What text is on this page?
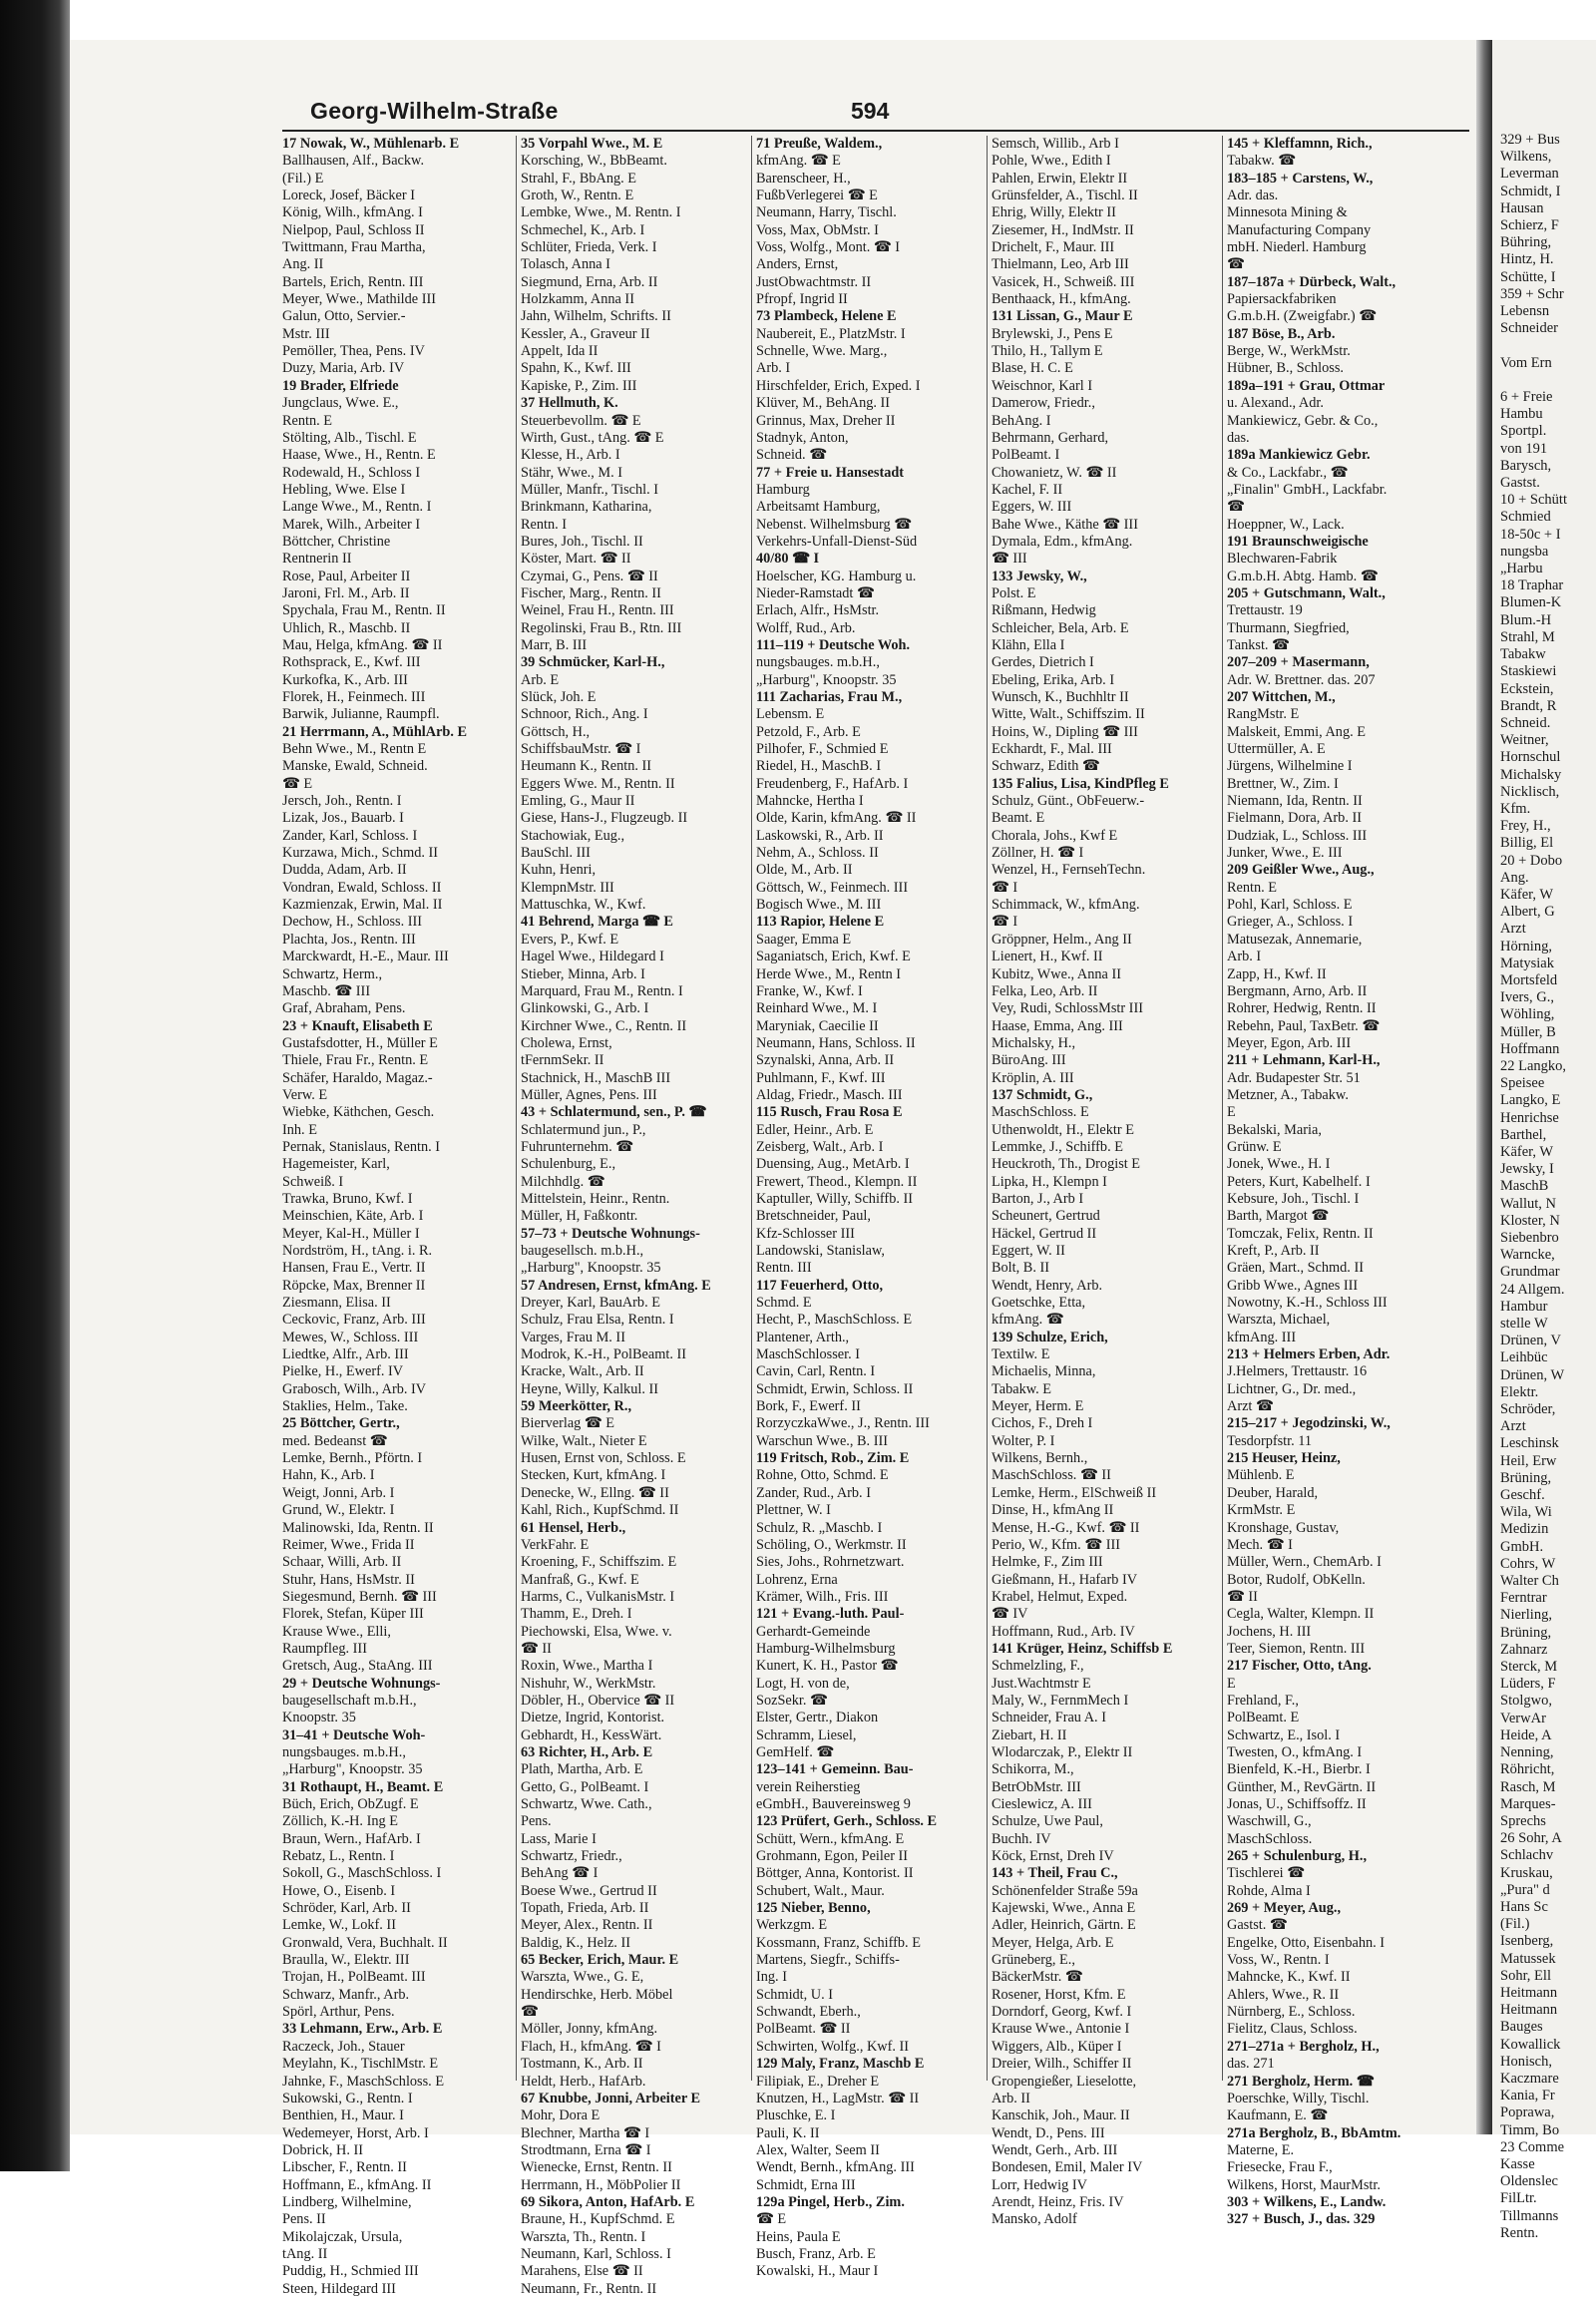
329 + Bus
Wilkens,
Leverman
Schmidt, I
Hausan
Schierz, F
Bühring,
Hintz, H.
Schütte, I
359 + Schr
Lebensn
Schneider

Vom Ern

6 + Freie
Hambu
Sportpl.
von 191
Barysch,
Gastst.
10 + Schütt
Schmied
18-50c + I
nungsba
„Harbu
18 Traphar
Blumen-K
Blum.-H
Strahl, M
Tabakw
Staskiewi
Eckstein,
Brandt, R
Schneid.
Weitner,
Hornschul
Michalsky
Nicklisch,
Kfm.
Frey, H.,
Billig, El
20 + Dobo
Ang.
Käfer, W
Albert, G
Arzt
Hörning,
Matysiak
Mortsfeld
Ivers, G.,
Wöhling,
Müller, B
Hoffmann
22 Langko,
Speisee
Langko, E
Henrichse
Barthel,
Käfer, W
Jewsky, I
MaschB
Wallut, N
Kloster, N
Siebenbro
Warncke,
Grundmar
24 Allgem.
Hambur
stelle W
Drünen, V
Leihbüc
Drünen, W
Elektr.
Schröder,
Arzt
Leschinsk
Heil, Erw
Brüning,
Geschf.
Wila, Wi
Medizin
GmbH.
Cohrs, W
Walter Ch
Ferntrar
Nierling,
Brüning,
Zahnarz
Sterck, M
Lüders, F
Stolgwo,
VerwAr
Heide, A
Nenning,
Röhricht,
Rasch, M
Marques-
Sprechs
26 Sohr, A
Schlachv
Kruskau,
„Pura" d
Hans Sc
(Fil.)
Isenberg,
Matussek
Sohr, Ell
Heitmann
Heitmann
Bauges
Kowallick
Honisch,
Kaczmare
Kania, Fr
Poprawa,
Timm, Bo
23 Comme
Kasse
Oldenslec
FilLtr.
Tillmanns
Rentn.
Georg-Wilhelm-Straße	594
17 Nowak, W., Mühlenarb. E
Ballhausen, Alf., Backw.
(Fil.) E
Loreck, Josef, Bäcker I
König, Wilh., kfmAng. I
Nielpop, Paul, Schloss II
Twittmann, Frau Martha,
Ang. II
Bartels, Erich, Rentn. III
Meyer, Wwe., Mathilde III
Galun, Otto, Servier.-
Mstr. III
Pemöller, Thea, Pens. IV
Duzy, Maria, Arb. IV
19 Brader, Elfriede
Jungclaus, Wwe. E.,
Rentn. E
Stölting, Alb., Tischl. E
Haase, Wwe., H., Rentn. E
Rodewald, H., Schloss I
Hebling, Wwe. Else I
Lange Wwe., M., Rentn. I
Marek, Wilh., Arbeiter I
Böttcher, Christine
Rentnerin II
Rose, Paul, Arbeiter II
Jaroni, Frl. M., Arb. II
Spychala, Frau M., Rentn. II
Uhlich, R., Maschb. II
Mau, Helga, kfmAng. ☎ II
Rothsprack, E., Kwf. III
Kurkofka, K., Arb. III
Florek, H., Feinmech. III
Barwik, Julianne, Raumpfl.
21 Herrmann, A., MühlArb. E
Behn Wwe., M., Rentn E
Manske, Ewald, Schneid.
☎ E
Jersch, Joh., Rentn. I
Lizak, Jos., Bauarb. I
Zander, Karl, Schloss. I
Kurzawa, Mich., Schmd. II
Dudda, Adam, Arb. II
Vondran, Ewald, Schloss. II
Kazmienzak, Erwin, Mal. II
Dechow, H., Schloss. III
Plachta, Jos., Rentn. III
Marckwardt, H.-E., Maur. III
Schwartz, Herm.,
Maschb. ☎ III
Graf, Abraham, Pens.
23 + Knauft, Elisabeth E
Gustafsdotter, H., Müller E
Thiele, Frau Fr., Rentn. E
Schäfer, Haraldo, Magaz.-
Verw. E
Wiebke, Käthchen, Gesch.
Inh. E
Pernak, Stanislaus, Rentn. I
Hagemeister, Karl,
Schweiß. I
Trawka, Bruno, Kwf. I
Meinschien, Käte, Arb. I
Meyer, Kal-H., Müller I
Nordström, H., tAng. i. R.
Hansen, Frau E., Vertr. II
Röpcke, Max, Brenner II
Ziesmann, Elisa. II
Ceckovic, Franz, Arb. III
Mewes, W., Schloss. III
Liedtke, Alfr., Arb. III
Pielke, H., Ewerf. IV
Grabosch, Wilh., Arb. IV
Staklies, Helm., Take.
25 Böttcher, Gertr.,
med. Bedeanst ☎
Lemke, Bernh., Pförtn. I
Hahn, K., Arb. I
Weigt, Jonni, Arb. I
Grund, W., Elektr. I
Malinowski, Ida, Rentn. II
Reimer, Wwe., Frida II
Schaar, Willi, Arb. II
Stuhr, Hans, HsMstr. II
Siegesmund, Bernh. ☎ III
Florek, Stefan, Küper III
Krause Wwe., Elli,
Raumpfleg. III
Gretsch, Aug., StaAng. III
29 + Deutsche Wohnungs-
baugesellschaft m.b.H.,
Knoopstr. 35
31–41 + Deutsche Woh-
nungsbauges. m.b.H.,
„Harburg", Knoopstr. 35
31 Rothaupt, H., Beamt. E
Büch, Erich, ObZugf. E
Zöllich, K.-H. Ing E
Braun, Wern., HafArb. I
Rebatz, L., Rentn. I
Sokoll, G., MaschSchloss. I
Howe, O., Eisenb. I
Schröder, Karl, Arb. II
Lemke, W., Lokf. II
Gronwald, Vera, Buchhalt. II
Braulla, W., Elektr. III
Trojan, H., PolBeamt. III
Schwarz, Manfr., Arb.
Spörl, Arthur, Pens.
33 Lehmann, Erw., Arb. E
Raczeck, Joh., Stauer
Meylahn, K., TischlMstr. E
Jahnke, F., MaschSchloss. E
Sukowski, G., Rentn. I
Benthien, H., Maur. I
Wedemeyer, Horst, Arb. I
Dobrick, H. II
Libscher, F., Rentn. II
Hoffmann, E., kfmAng. II
Lindberg, Wilhelmine,
Pens. II
Mikolajczak, Ursula,
tAng. II
Puddig, H., Schmied III
Steen, Hildegard III
35 Vorpahl Wwe., M. E
Korsching, W., BbBeamt.
Strahl, F., BbAng. E
Groth, W., Rentn. E
Lembke, Wwe., M. Rentn. I
Schmechel, K., Arb. I
Schlüter, Frieda, Verk. I
Tolasch, Anna I
Siegmund, Erna, Arb. II
Holzkamm, Anna II
Jahn, Wilhelm, Schrifts. II
Kessler, A., Graveur II
Appelt, Ida II
Spahn, K., Kwf. III
Kapiske, P., Zim. III
37 Hellmuth, K.
Steuerbevollm. ☎ E
Wirth, Gust., tAng. ☎ E
Klesse, H., Arb. I
Stähr, Wwe., M. I
Müller, Manfr., Tischl. I
Brinkmann, Katharina,
Rentn. I
Bures, Joh., Tischl. II
Köster, Mart. ☎ II
Czymai, G., Pens. ☎ II
Fischer, Marg., Rentn. II
Weinel, Frau H., Rentn. III
Regolinski, Frau B., Rtn. III
Marr, B. III
39 Schmücker, Karl-H.,
Arb. E
Slück, Joh. E
Schnoor, Rich., Ang. I
Göttsch, H.,
SchiffsbauMstr. ☎ I
Heumann K., Rentn. II
Eggers Wwe. M., Rentn. II
Emling, G., Maur II
Giese, Hans-J., Flugzeugb. II
Stachowiak, Eug.,
BauSchl. III
Kuhn, Henri,
KlempnMstr. III
Mattuschka, W., Kwf.
41 Behrend, Marga ☎ E
Evers, P., Kwf. E
Hagel Wwe., Hildegard I
Stieber, Minna, Arb. I
Marquard, Frau M., Rentn. I
Glinkowski, G., Arb. I
Kirchner Wwe., C., Rentn. II
Cholewa, Ernst,
tFernmSekr. II
Stachnick, H., MaschB III
Müller, Agnes, Pens. III
43 + Schlatermund, sen., P. ☎
Schlatermund jun., P.,
Fuhrunternehm. ☎
Schulenburg, E.,
Milchhdlg. ☎
Mittelstein, Heinr., Rentn.
Müller, H, Faßkontr.
57–73 + Deutsche Wohnungs-
baugesellsch. m.b.H.,
„Harburg", Knoopstr. 35
57 Andresen, Ernst, kfmAng. E
Dreyer, Karl, BauArb. E
Schulz, Frau Elsa, Rentn. I
Varges, Frau M. II
Modrok, K.-H., PolBeamt. II
Kracke, Walt., Arb. II
Heyne, Willy, Kalkul. II
59 Meerkötter, R.,
Bierverlag ☎ E
Wilke, Walt., Nieter E
Husen, Ernst von, Schloss. E
Stecken, Kurt, kfmAng. I
Denecke, W., Ellng. ☎ II
Kahl, Rich., KupfSchmd. II
61 Hensel, Herb.,
VerkFahr. E
Kroening, F., Schiffszim. E
Manfraß, G., Kwf. E
Harms, C., VulkanisMstr. I
Thamm, E., Dreh. I
Piechowski, Elsa, Wwe. v.
☎ II
Roxin, Wwe., Martha I
Nishuhr, W., WerkMstr.
Döbler, H., Obervice ☎ II
Dietze, Ingrid, Kontorist.
Gebhardt, H., KessWärt.
63 Richter, H., Arb. E
Plath, Martha, Arb. E
Getto, G., PolBeamt. I
Schwartz, Wwe. Cath.,
Pens.
Lass, Marie I
Schwartz, Friedr.,
BehAng ☎ I
Boese Wwe., Gertrud II
Topath, Frieda, Arb. II
Meyer, Alex., Rentn. II
Baldig, K., Helz. II
65 Becker, Erich, Maur. E
Warszta, Wwe., G. E,
Hendirschke, Herb. Möbel
☎
Möller, Jonny, kfmAng.
Flach, H., kfmAng. ☎ I
Tostmann, K., Arb. II
Heldt, Herb., HafArb.
67 Knubbe, Jonni, Arbeiter E
Mohr, Dora E
Blechner, Martha ☎ I
Strodtmann, Erna ☎ I
Wienecke, Ernst, Rentn. II
Herrmann, H., MöbPolier II
69 Sikora, Anton, HafArb. E
Braune, H., KupfSchmd. E
Warszta, Th., Rentn. I
Neumann, Karl, Schloss. I
Marahens, Else ☎ II
Neumann, Fr., Rentn. II
71 Preuße, Waldem.,
kfmAng. ☎ E
Barenscheer, H.,
FußbVerlegerei ☎ E
Neumann, Harry, Tischl.
Voss, Max, ObMstr. I
Voss, Wolfg., Mont. ☎ I
Anders, Ernst,
JustObwachtmstr. II
Pfropf, Ingrid II
73 Plambeck, Helene E
Naubereit, E., PlatzMstr. I
Schnelle, Wwe. Marg.,
Arb. I
Hirschfelder, Erich, Exped. I
Klüver, M., BehAng. II
Grinnus, Max, Dreher II
Stadnyk, Anton,
Schneid. ☎
77 + Freie u. Hansestadt
Hamburg
Arbeitsamt Hamburg,
Nebenst. Wilhelmsburg ☎
Verkehrs-Unfall-Dienst-Süd
40/80 ☎ I
Hoelscher, KG. Hamburg u.
Nieder-Ramstadt ☎
Erlach, Alfr., HsMstr.
Wolff, Rud., Arb.
111–119 + Deutsche Woh.
nungsbauges. m.b.H.,
„Harburg", Knoopstr. 35
111 Zacharias, Frau M.,
Lebensm. E
Petzold, F., Arb. E
Pilhofer, F., Schmied E
Riedel, H., MaschB. I
Freudenberg, F., HafArb. I
Mahncke, Hertha I
Olde, Karin, kfmAng. ☎ II
Laskowski, R., Arb. II
Nehm, A., Schloss. II
Olde, M., Arb. II
Göttsch, W., Feinmech. III
Bogisch Wwe., M. III
113 Rapior, Helene E
Saager, Emma E
Saganiatsch, Erich, Kwf. E
Herde Wwe., M., Rentn I
Franke, W., Kwf. I
Reinhard Wwe., M. I
Maryniak, Caecilie II
Neumann, Hans, Schloss. II
Szynalski, Anna, Arb. II
Puhlmann, F., Kwf. III
Aldag, Friedr., Masch. III
115 Rusch, Frau Rosa E
Edler, Heinr., Arb. E
Zeisberg, Walt., Arb. I
Duensing, Aug., MetArb. I
Frewert, Theod., Klempn. II
Kaptuller, Willy, Schiffb. II
Bretschneider, Paul,
Kfz-Schlosser III
Landowski, Stanislaw,
Rentn. III
117 Feuerherd, Otto,
Schmd. E
Hecht, P., MaschSchloss. E
Plantener, Arth.,
MaschSchlosser. I
Cavin, Carl, Rentn. I
Schmidt, Erwin, Schloss. II
Bork, F., Ewerf. II
RorzyczkaWwe., J., Rentn. III
Warschun Wwe., B. III
119 Fritsch, Rob., Zim. E
Rohne, Otto, Schmd. E
Zander, Rud., Arb. I
Plettner, W. I
Schulz, R. „Maschb. I
Schöling, O., Werkmstr. II
Sies, Johs., Rohrnetzwart.
Lohrenz, Erna
Krämer, Wilh., Fris. III
121 + Evang.-luth. Paul-
Gerhardt-Gemeinde
Hamburg-Wilhelmsburg
Kunert, K. H., Pastor ☎
Logt, H. von de,
SozSekr. ☎
Elster, Gertr., Diakon
Schramm, Liesel,
GemHelf. ☎
123–141 + Gemeinn. Bau-
verein Reiherstieg
eGmbH., Bauvereinsweg 9
123 Prüfert, Gerh., Schloss. E
Schütt, Wern., kfmAng. E
Grohmann, Egon, Peiler II
Böttger, Anna, Kontorist. II
Schubert, Walt., Maur.
125 Nieber, Benno,
Werkzgm. E
Kossmann, Franz, Schiffb. E
Martens, Siegfr., Schiffs-
Ing. I
Schmidt, U. I
Schwandt, Eberh.,
PolBeamt. ☎ II
Schwirten, Wolfg., Kwf. II
129 Maly, Franz, Maschb E
Filipiak, E., Dreher E
Knutzen, H., LagMstr. ☎ II
Pluschke, E. I
Pauli, K. II
Alex, Walter, Seem II
Wendt, Bernh., kfmAng. III
Schmidt, Erna III
129a Pingel, Herb., Zim.
☎ E
Heins, Paula E
Busch, Franz, Arb. E
Kowalski, H., Maur I
Semsch, Willib., Arb I
Pohle, Wwe., Edith I
Pahlen, Erwin, Elektr II
Grünsfelder, A., Tischl. II
Ehrig, Willy, Elektr II
Ziesemer, H., IndMstr. II
Drichelt, F., Maur. III
Thielmann, Leo, Arb III
Vasicek, H., Schweiß. III
Benthaack, H., kfmAng.
131 Lissan, G., Maur E
Brylewski, J., Pens E
Thilo, H., Tallym E
Blase, H. C. E
Weischnor, Karl I
Damerow, Friedr.,
BehAng. I
Behrmann, Gerhard,
PolBeamt. I
Chowanietz, W. ☎ II
Kachel, F. II
Eggers, W. III
Bahe Wwe., Käthe ☎ III
Dymala, Edm., kfmAng.
☎ III
133 Jewsky, W.,
Polst. E
Rißmann, Hedwig
Schleicher, Bela, Arb. E
Klähn, Ella I
Gerdes, Dietrich I
Ebeling, Erika, Arb. I
Wunsch, K., Buchhltr II
Witte, Walt., Schiffszim. II
Hoins, W., Dipling ☎ III
Eckhardt, F., Mal. III
Schwarz, Edith ☎
135 Falius, Lisa, KindPfleg E
Schulz, Günt., ObFeuerw.-
Beamt. E
Chorala, Johs., Kwf E
Zöllner, H. ☎ I
Wenzel, H., FernsehTechn.
☎ I
Schimmack, W., kfmAng.
☎ I
Gröppner, Helm., Ang II
Lienert, H., Kwf. II
Kubitz, Wwe., Anna II
Felka, Leo, Arb. II
Vey, Rudi, SchlossMstr III
Haase, Emma, Ang. III
Michalsky, H.,
BüroAng. III
Kröplin, A. III
137 Schmidt, G.,
MaschSchloss. E
Uthenwoldt, H., Elektr E
Lemmke, J., Schiffb. E
Heuckroth, Th., Drogist E
Lipka, H., Klempn I
Barton, J., Arb I
Scheunert, Gertrud
Häckel, Gertrud II
Eggert, W. II
Bolt, B. II
Wendt, Henry, Arb.
Goetschke, Etta,
kfmAng. ☎
139 Schulze, Erich,
Textilw. E
Michaelis, Minna,
Tabakw. E
Meyer, Herm. E
Cichos, F., Dreh I
Wolter, P. I
Wilkens, Bernh.,
MaschSchloss. ☎ II
Lemke, Herm., ElSchweiß II
Dinse, H., kfmAng II
Mense, H.-G., Kwf. ☎ II
Perio, W., Kfm. ☎ III
Helmke, F., Zim III
Gießmann, H., Hafarb IV
Krabel, Helmut, Exped.
☎ IV
Hoffmann, Rud., Arb. IV
141 Krüger, Heinz, Schiffsb E
Schmelzling, F.,
Just.Wachtmstr E
Maly, W., FernmMech I
Schneider, Frau A. I
Ziebart, H. II
Wlodarczak, P., Elektr II
Schikorra, M.,
BetrObMstr. III
Cieslewicz, A. III
Schulze, Uwe Paul,
Buchh. IV
Köck, Ernst, Dreh IV
143 + Theil, Frau C.,
Schönenfelder Straße 59a
Kajewski, Wwe., Anna E
Adler, Heinrich, Gärtn. E
Meyer, Helga, Arb. E
Grüneberg, E.,
BäckerMstr. ☎
Rosener, Horst, Kfm. E
Dorndorf, Georg, Kwf. I
Krause Wwe., Antonie I
Wiggers, Alb., Küper I
Dreier, Wilh., Schiffer II
Gropengießer, Lieselotte,
Arb. II
Kanschik, Joh., Maur. II
Wendt, D., Pens. III
Wendt, Gerh., Arb. III
Bondesen, Emil, Maler IV
Lorr, Hedwig IV
Arendt, Heinz, Fris. IV
Mansko, Adolf
145 + Kleffamnn, Rich.,
Tabakw. ☎
183–185 + Carstens, W.,
Adr. das.
Minnesota Mining &
Manufacturing Company
mbH. Niederl. Hamburg
☎
187–187a + Dürbeck, Walt.,
Papiersackfabriken
G.m.b.H. (Zweigfabr.) ☎
187 Böse, B., Arb.
Berge, W., WerkMstr.
Hübner, B., Schloss.
189a–191 + Grau, Ottmar
u. Alexand., Adr.
Mankiewicz, Gebr. & Co.,
das.
189a Mankiewicz Gebr.
& Co., Lackfabr., ☎
„Finalin" GmbH., Lackfabr.
☎
Hoeppner, W., Lack.
191 Braunschweigische
Blechwaren-Fabrik
G.m.b.H. Abtg. Hamb. ☎
205 + Gutschmann, Walt.,
Trettaustr. 19
Thurmann, Siegfried,
Tankst. ☎
207–209 + Masermann,
Adr. W. Brettner. das. 207
207 Wittchen, M.,
RangMstr. E
Malskeit, Emmi, Ang. E
Uttermüller, A. E
Jürgens, Wilhelmine I
Brettner, W., Zim. I
Niemann, Ida, Rentn. II
Fielmann, Dora, Arb. II
Dudziak, L., Schloss. III
Junker, Wwe., E. III
209 Geißler Wwe., Aug.,
Rentn. E
Pohl, Karl, Schloss. E
Grieger, A., Schloss. I
Matusezak, Annemarie,
Arb. I
Zapp, H., Kwf. II
Bergmann, Arno, Arb. II
Rohrer, Hedwig, Rentn. II
Rebehn, Paul, TaxBetr. ☎
Meyer, Egon, Arb. III
211 + Lehmann, Karl-H.,
Adr. Budapester Str. 51
Metzner, A., Tabakw.
E
Bekalski, Maria,
Grünw. E
Jonek, Wwe., H. I
Peters, Kurt, Kabelhelf. I
Kebsure, Joh., Tischl. I
Barth, Margot ☎
Tomczak, Felix, Rentn. II
Kreft, P., Arb. II
Gräen, Mart., Schmd. II
Gribb Wwe., Agnes III
Nowotny, K.-H., Schloss III
Warszta, Michael,
kfmAng. III
213 + Helmers Erben, Adr.
J.Helmers, Trettaustr. 16
Lichtner, G., Dr. med.,
Arzt ☎
215–217 + Jegodzinski, W.,
Tesdorpfstr. 11
215 Heuser, Heinz,
Mühlenb. E
Deuber, Harald,
KrmMstr. E
Kronshage, Gustav,
Mech. ☎ I
Müller, Wern., ChemArb. I
Botor, Rudolf, ObKelln.
☎ II
Cegla, Walter, Klempn. II
Jochens, H. III
Teer, Siemon, Rentn. III
217 Fischer, Otto, tAng.
E
Frehland, F.,
PolBeamt. E
Schwartz, E., Isol. I
Twesten, O., kfmAng. I
Bienfeld, K.-H., Bierbr. I
Günther, M., RevGärtn. II
Jonas, U., Schiffsoffz. II
Waschwill, G.,
MaschSchloss.
265 + Schulenburg, H.,
Tischlerei ☎
Rohde, Alma I
269 + Meyer, Aug.,
Gastst. ☎
Engelke, Otto, Eisenbahn. I
Voss, W., Rentn. I
Mahncke, K., Kwf. II
Ahlers, Wwe., R. II
Nürnberg, E., Schloss.
Fielitz, Claus, Schloss.
271–271a + Bergholz, H.,
das. 271
271 Bergholz, Herm. ☎
Poerschke, Willy, Tischl.
Kaufmann, E. ☎
271a Bergholz, B., BbAmtm.
Materne, E.
Friesecke, Frau F.,
Wilkens, Horst, MaurMstr.
303 + Wilkens, E., Landw.
327 + Busch, J., das. 329
